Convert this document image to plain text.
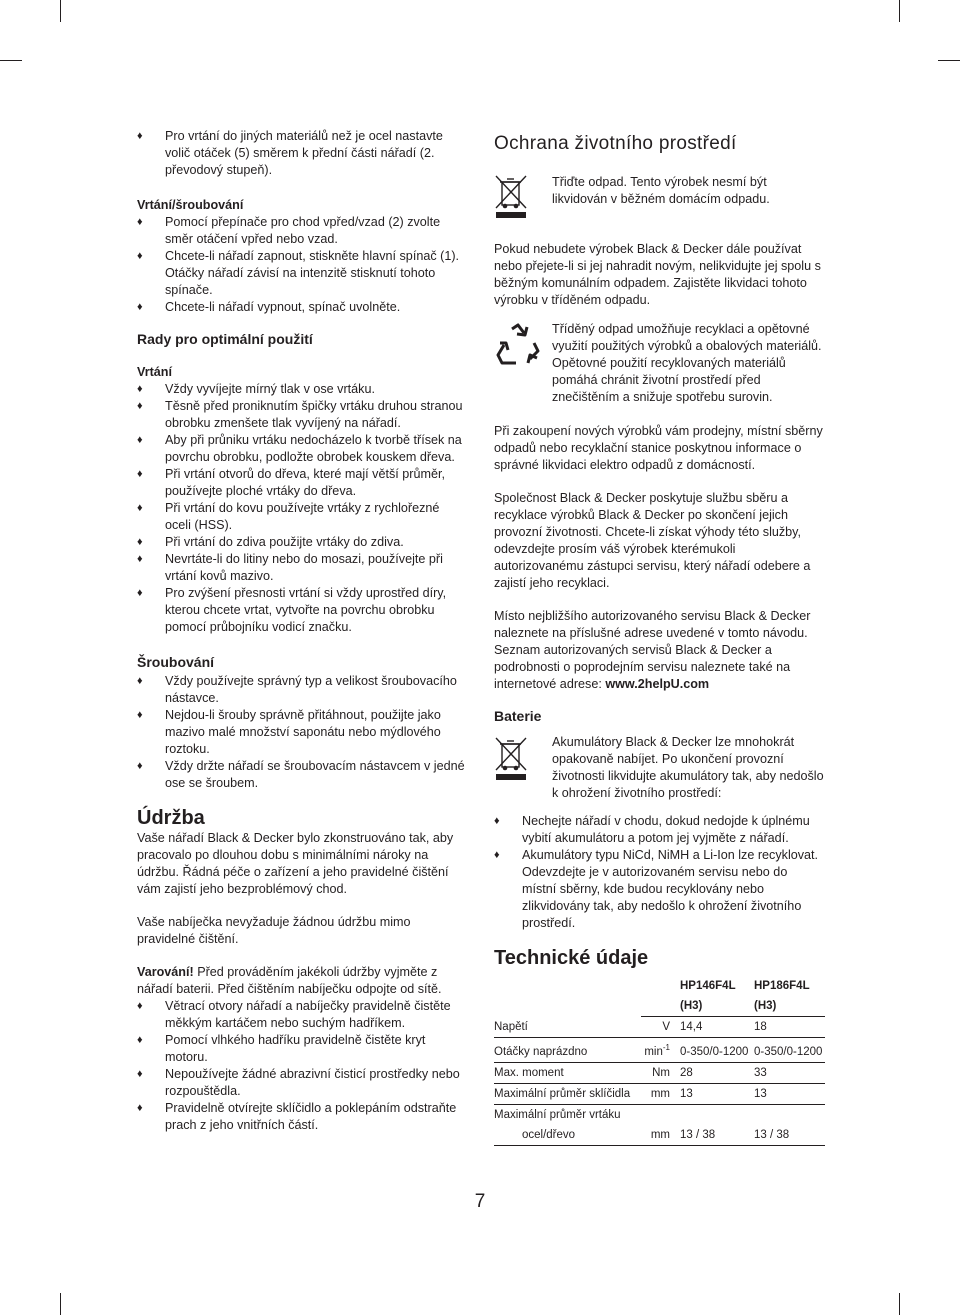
♦ Pro vrtání do jiných materiálů než je ocel nastavte volič otáček (5) směrem k přední části nářadí (2. převodový stupeň).

Vrtání/šroubování

♦ Pomocí přepínače pro chod vpřed/vzad (2) zvolte směr otáčení vpřed nebo vzad.
♦ Chcete-li nářadí zapnout, stiskněte hlavní spínač (1). Otáčky nářadí závisí na intenzitě stisknutí tohoto spínače.
♦ Chcete-li nářadí vypnout, spínač uvolněte.

Rady pro optimální použití

Vrtání

♦ Vždy vyvíjejte mírný tlak v ose vrtáku.
♦ Těsně před proniknutím špičky vrtáku druhou stranou obrobku zmenšete tlak vyvíjený na nářadí.
♦ Aby při průniku vrtáku nedocházelo k tvorbě třísek na povrchu obrobku, podložte obrobek kouskem dřeva.
♦ Při vrtání otvorů do dřeva, které mají větší průměr, používejte ploché vrtáky do dřeva.
♦ Při vrtání do kovu používejte vrtáky z rychlořezné oceli (HSS).
♦ Při vrtání do zdiva použijte vrtáky do zdiva.
♦ Nevrtáte-li do litiny nebo do mosazi, používejte při vrtání kovů mazivo.
♦ Pro zvýšení přesnosti vrtání si vždy uprostřed díry, kterou chcete vrtat, vytvořte na povrchu obrobku pomocí průbojníku vodicí značku.

Šroubování

♦ Vždy používejte správný typ a velikost šroubovacího nástavce.
♦ Nejdou-li šrouby správně přitáhnout, použijte jako mazivo malé množství saponátu nebo mýdlového roztoku.
♦ Vždy držte nářadí se šroubovacím nástavcem v jedné ose se šroubem.

Údržba

Vaše nářadí Black & Decker bylo zkonstruováno tak, aby pracovalo po dlouhou dobu s minimálními nároky na údržbu. Řádná péče o zařízení a jeho pravidelné čištění vám zajistí jeho bezproblémový chod.

Vaše nabíječka nevyžaduje žádnou údržbu mimo pravidelné čištění.

Varování! Před prováděním jakékoli údržby vyjměte z nářadí baterii. Před čištěním nabíječku odpojte od sítě.

♦ Větrací otvory nářadí a nabíječky pravidelně čistěte měkkým kartáčem nebo suchým hadříkem.
♦ Pomocí vlhkého hadříku pravidelně čistěte kryt motoru.
♦ Nepoužívejte žádné abrazivní čisticí prostředky nebo rozpouštědla.
♦ Pravidelně otvírejte sklíčidlo a poklepáním odstraňte prach z jeho vnitřních částí.

Ochrana životního prostředí

Třiďte odpad. Tento výrobek nesmí být likvidován v běžném domácím odpadu.

Pokud nebudete výrobek Black & Decker dále používat nebo přejete-li si jej nahradit novým, nelikvidujte jej spolu s běžným komunálním odpadem. Zajistěte likvidaci tohoto výrobku v tříděném odpadu.

Tříděný odpad umožňuje recyklaci a opětovné využití použitých výrobků a obalových materiálů. Opětovné použití recyklovaných materiálů pomáhá chránit životní prostředí před znečištěním a snižuje spotřebu surovin.

Při zakoupení nových výrobků vám prodejny, místní sběrny odpadů nebo recyklační stanice poskytnou informace o správné likvidaci elektro odpadů z domácností.

Společnost Black & Decker poskytuje službu sběru a recyklace výrobků Black & Decker po skončení jejich provozní životnosti. Chcete-li získat výhody této služby, odevzdejte prosím váš výrobek kterémukoli autorizovanému zástupci servisu, který nářadí odebere a zajistí jeho recyklaci.

Místo nejbližšího autorizovaného servisu Black & Decker naleznete na příslušné adrese uvedené v tomto návodu. Seznam autorizovaných servisů Black & Decker a podrobnosti o poprodejním servisu naleznete také na internetové adrese: www.2helpU.com

Baterie

Akumulátory Black & Decker lze mnohokrát opakovaně nabíjet. Po ukončení provozní životnosti likvidujte akumulátory tak, aby nedošlo k ohrožení životního prostředí:

♦ Nechejte nářadí v chodu, dokud nedojde k úplnému vybití akumulátoru a potom jej vyjměte z nářadí.
♦ Akumulátory typu NiCd, NiMH a Li-Ion lze recyklovat. Odevzdejte je v autorizovaném servisu nebo do místní sběrny, kde budou recyklovány nebo zlikvidovány tak, aby nedošlo k ohrožení životního prostředí.

Technické údaje

		HP146F4L	HP186F4L
		(H3)	(H3)
Napětí	V	14,4	18
Otáčky naprázdno	$\min^{-1}$	0-350/0-1200	0-350/0-1200
Max. moment	Nm	28	33
Maximální průměr sklíčidla	mm	13	13
Maximální průměr vrtáku			
ocel/dřevo	mm	13 / 38	13 / 38
7
